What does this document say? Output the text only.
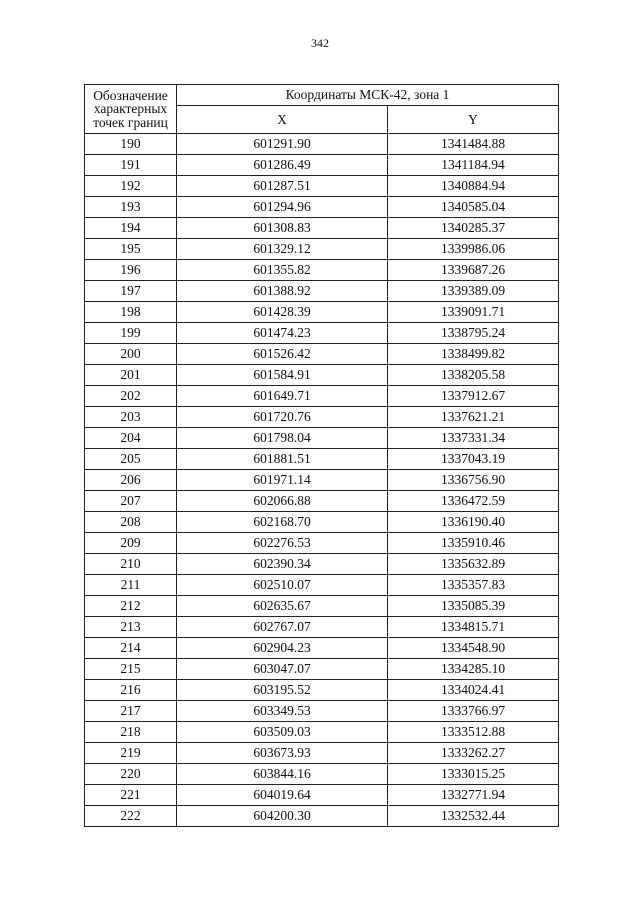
342
Обозначение характерных точек границ	Координаты МСК-42, зона 1	
	X	Y
190	601291.90	1341484.88
191	601286.49	1341184.94
192	601287.51	1340884.94
193	601294.96	1340585.04
194	601308.83	1340285.37
195	601329.12	1339986.06
196	601355.82	1339687.26
197	601388.92	1339389.09
198	601428.39	1339091.71
199	601474.23	1338795.24
200	601526.42	1338499.82
201	601584.91	1338205.58
202	601649.71	1337912.67
203	601720.76	1337621.21
204	601798.04	1337331.34
205	601881.51	1337043.19
206	601971.14	1336756.90
207	602066.88	1336472.59
208	602168.70	1336190.40
209	602276.53	1335910.46
210	602390.34	1335632.89
211	602510.07	1335357.83
212	602635.67	1335085.39
213	602767.07	1334815.71
214	602904.23	1334548.90
215	603047.07	1334285.10
216	603195.52	1334024.41
217	603349.53	1333766.97
218	603509.03	1333512.88
219	603673.93	1333262.27
220	603844.16	1333015.25
221	604019.64	1332771.94
222	604200.30	1332532.44
